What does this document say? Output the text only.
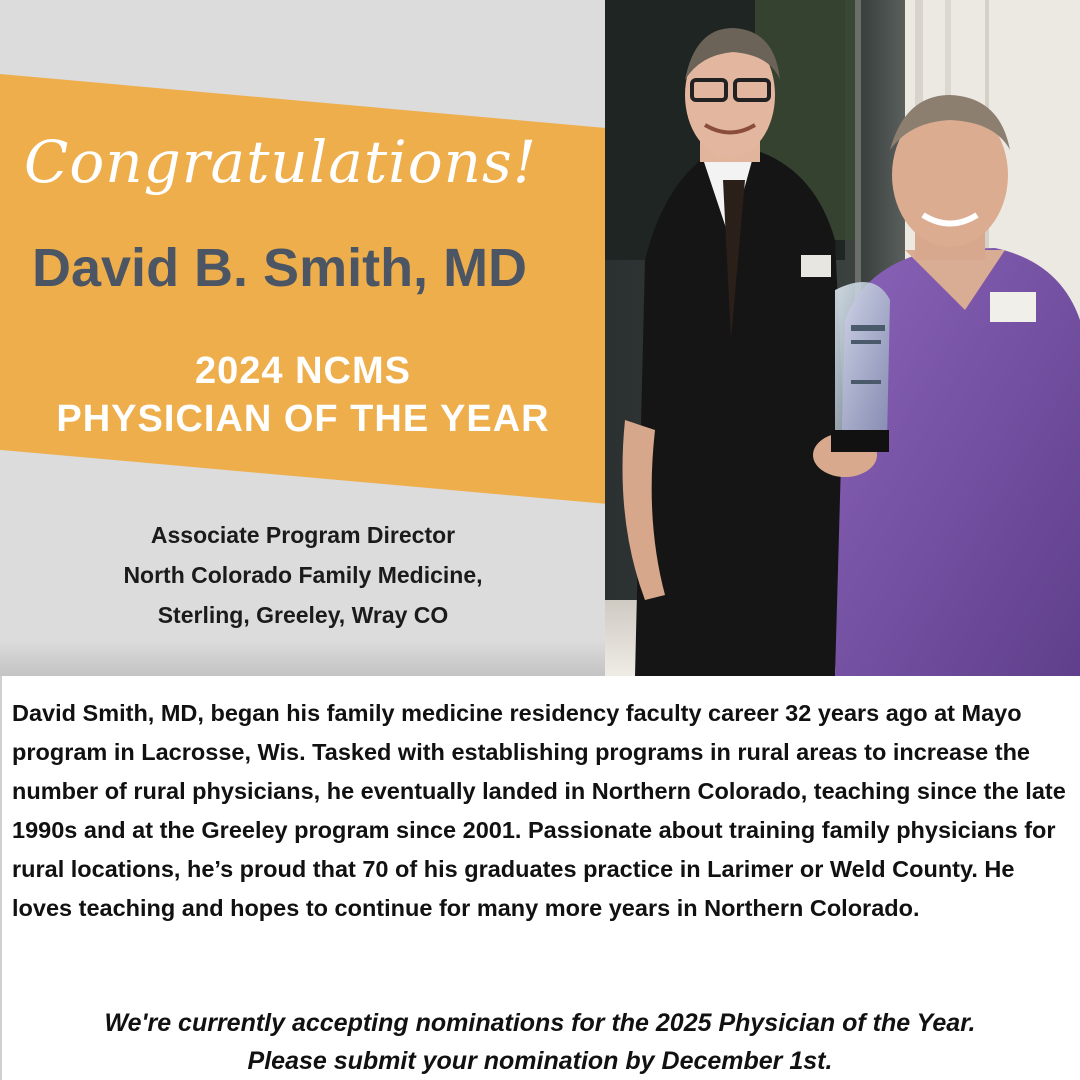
Congratulations!
David B. Smith, MD
2024 NCMS
PHYSICIAN OF THE YEAR
Associate Program Director
North Colorado Family Medicine,
Sterling, Greeley, Wray CO
David Smith, MD, began his family medicine residency faculty career 32 years ago at Mayo program in Lacrosse, Wis. Tasked with establishing programs in rural areas to increase the number of rural physicians, he eventually landed in Northern Colorado, teaching since the late 1990s and at the Greeley program since 2001. Passionate about training family physicians for rural locations, he’s proud that 70 of his graduates practice in Larimer or Weld County. He loves teaching and hopes to continue for many more years in Northern Colorado.
We're currently accepting nominations for the 2025 Physician of the Year.
Please submit your nomination by December 1st.
